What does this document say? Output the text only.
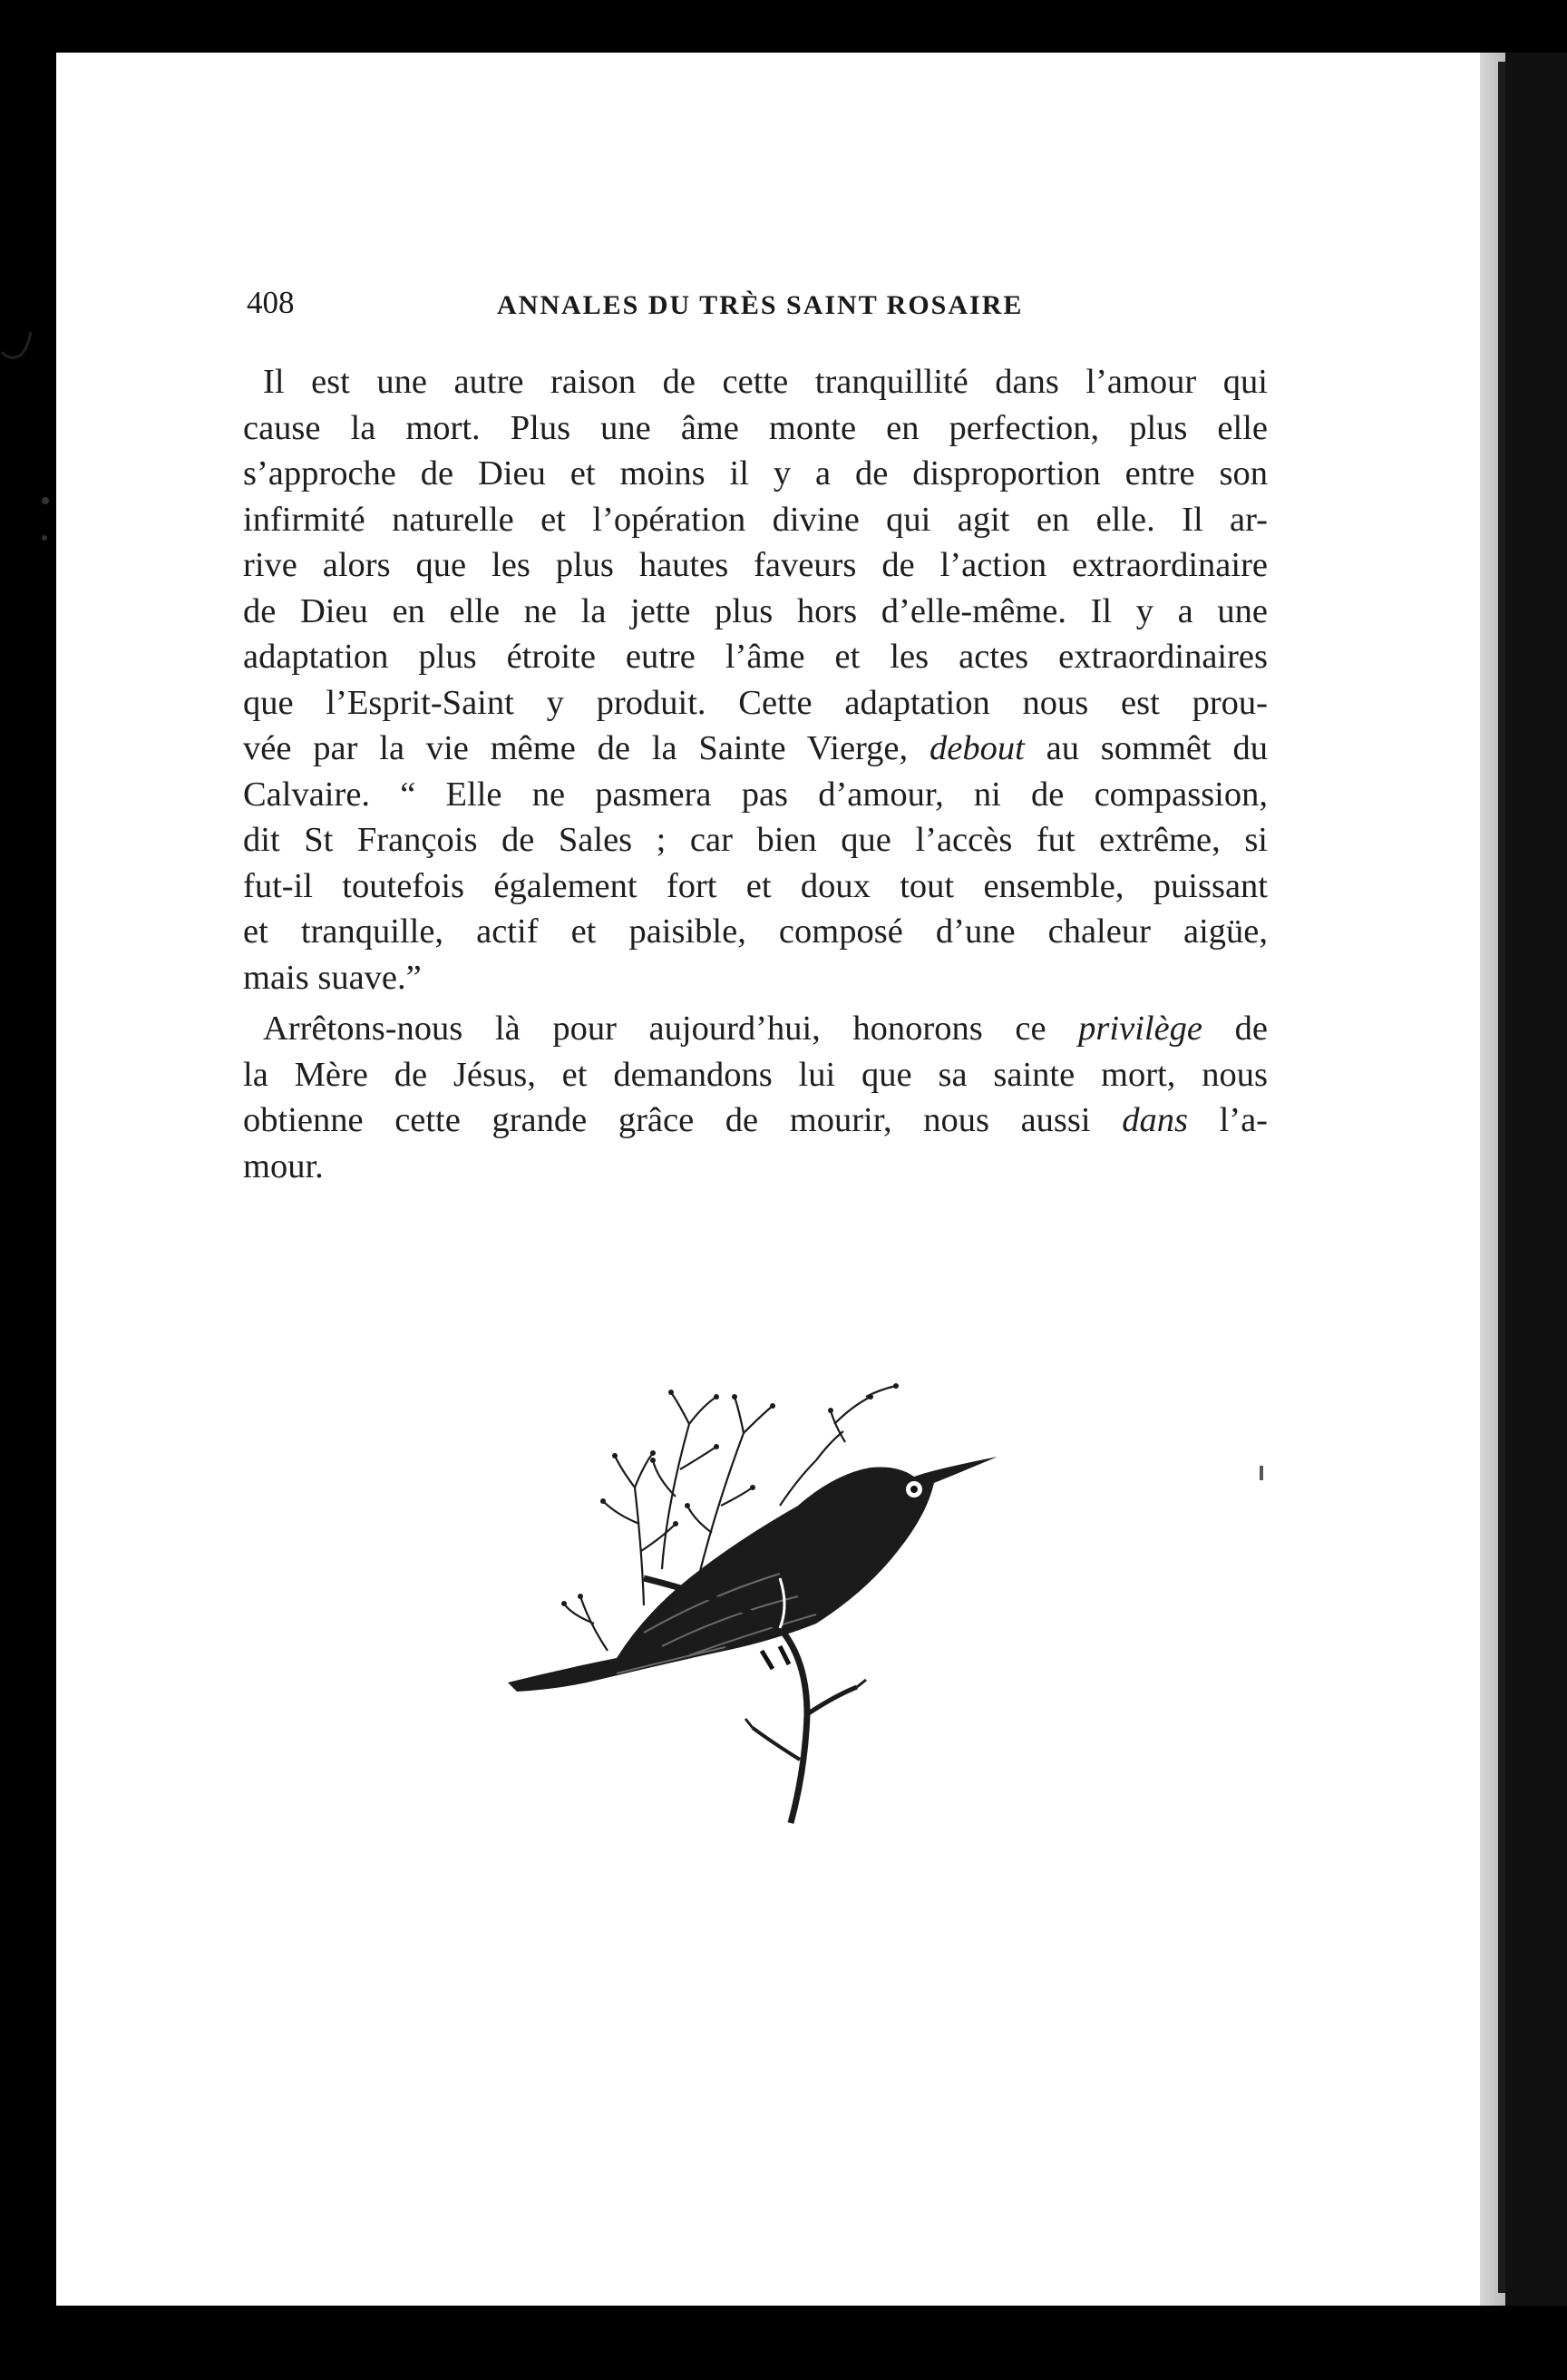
408	ANNALES DU TRÈS SAINT ROSAIRE
Il est une autre raison de cette tranquillité dans l’amour qui
cause la mort. Plus une âme monte en perfection, plus elle
s’approche de Dieu et moins il y a de disproportion entre son
infirmité naturelle et l’opération divine qui agit en elle. Il ar-
rive alors que les plus hautes faveurs de l’action extraordinaire
de Dieu en elle ne la jette plus hors d’elle-même. Il y a une
adaptation plus étroite eutre l’âme et les actes extraordinaires
que l’Esprit-Saint y produit. Cette adaptation nous est prou-
vée par la vie même de la Sainte Vierge, debout au sommêt du
Calvaire. “ Elle ne pasmera pas d’amour, ni de compassion,
dit St François de Sales ; car bien que l’accès fut extrême, si
fut-il toutefois également fort et doux tout ensemble, puissant
et tranquille, actif et paisible, composé d’une chaleur aigüe,
mais suave.”
Arrêtons-nous là pour aujourd’hui, honorons ce privilège de
la Mère de Jésus, et demandons lui que sa sainte mort, nous
obtienne cette grande grâce de mourir, nous aussi dans l’a-
mour.
